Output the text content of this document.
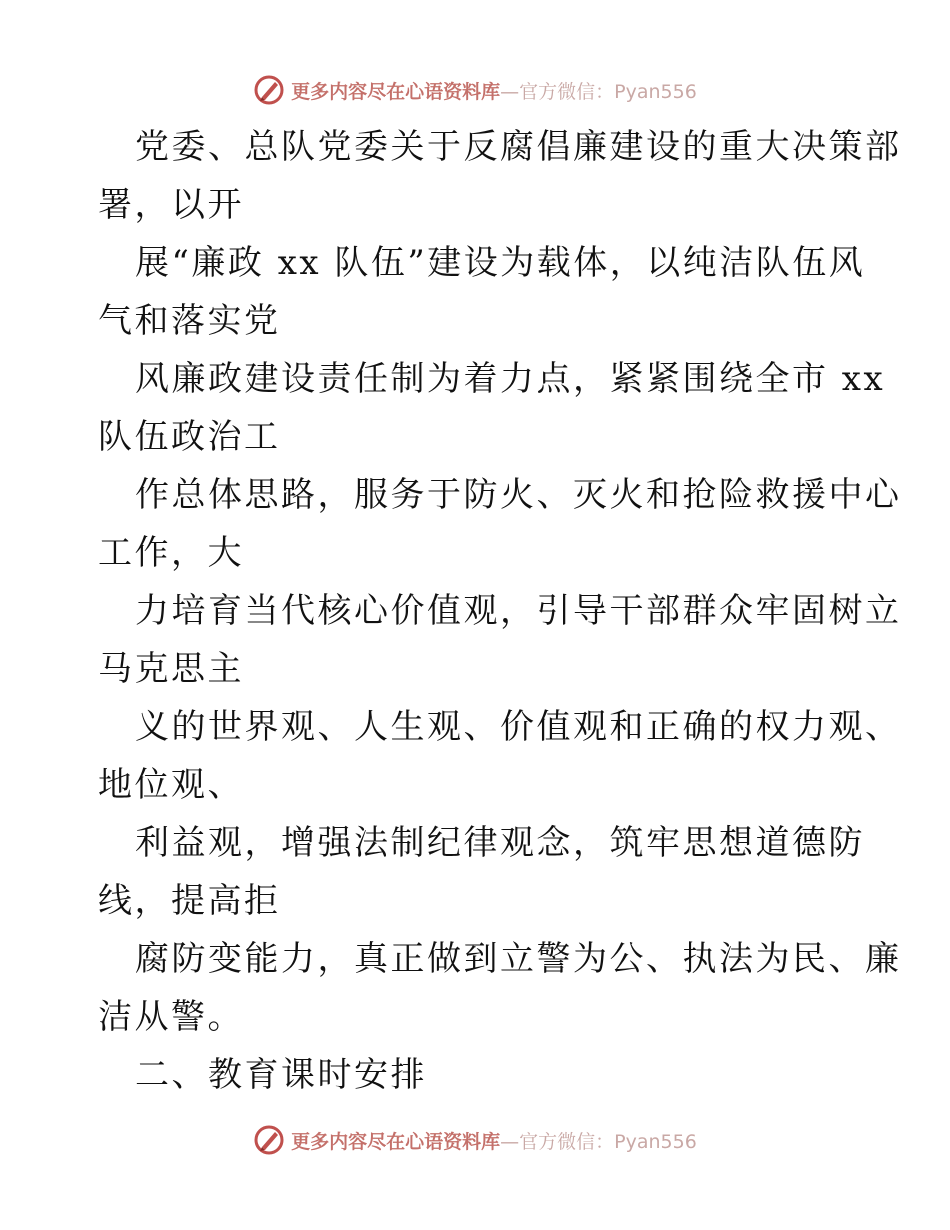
更多内容尽在心语资料库—官方微信：Pyan556
党委、总队党委关于反腐倡廉建设的重大决策部
署，以开
展“廉政 xx 队伍”建设为载体，以纯洁队伍风
气和落实党
风廉政建设责任制为着力点，紧紧围绕全市 xx
队伍政治工
作总体思路，服务于防火、灭火和抢险救援中心
工作，大
力培育当代核心价值观，引导干部群众牢固树立
马克思主
义的世界观、人生观、价值观和正确的权力观、
地位观、
利益观，增强法制纪律观念，筑牢思想道德防
线，提高拒
腐防变能力，真正做到立警为公、执法为民、廉
洁从警。
二、教育课时安排
更多内容尽在心语资料库—官方微信：Pyan556
